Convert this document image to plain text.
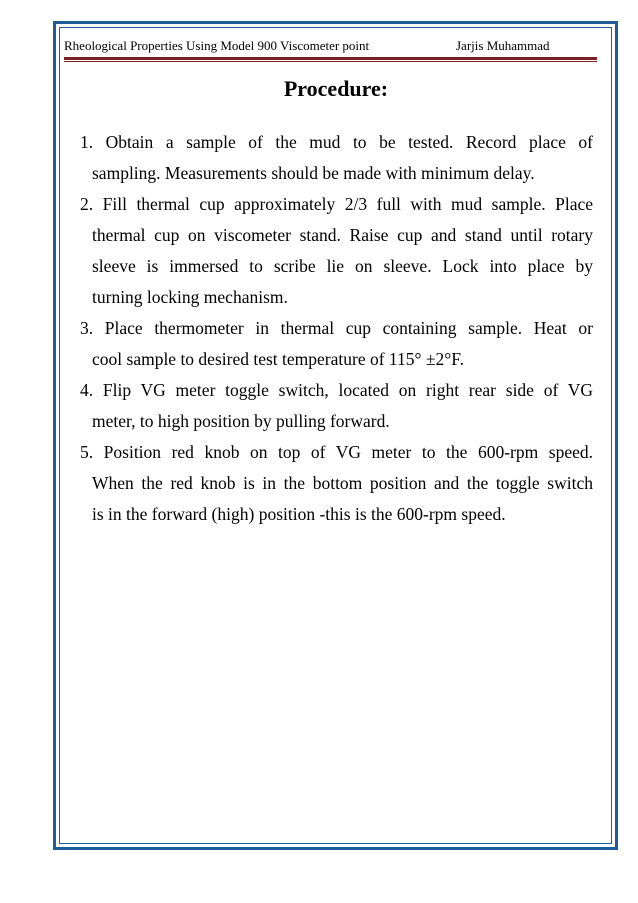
Rheological Properties Using Model 900 Viscometer point	Jarjis Muhammad
Procedure:
1. Obtain a sample of the mud to be tested. Record place of
sampling. Measurements should be made with minimum delay.
2. Fill thermal cup approximately 2/3 full with mud sample. Place
thermal cup on viscometer stand. Raise cup and stand until rotary
sleeve is immersed to scribe lie on sleeve. Lock into place by
turning locking mechanism.
3. Place thermometer in thermal cup containing sample. Heat or
cool sample to desired test temperature of 115° ±2°F.
4. Flip VG meter toggle switch, located on right rear side of VG
meter, to high position by pulling forward.
5. Position red knob on top of VG meter to the 600-rpm speed.
When the red knob is in the bottom position and the toggle switch
is in the forward (high) position -this is the 600-rpm speed.
